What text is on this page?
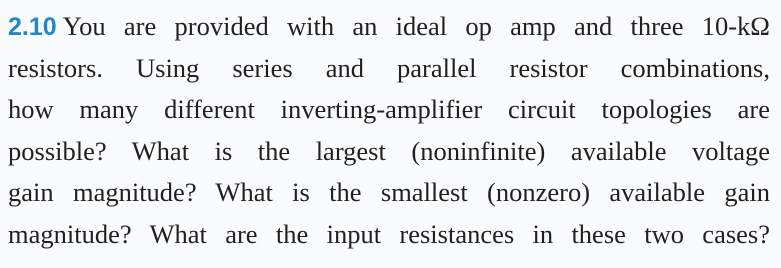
2.10 You are provided with an ideal op amp and three 10-kΩ
resistors. Using series and parallel resistor combinations,
how many different inverting-amplifier circuit topologies are
possible? What is the largest (noninfinite) available voltage
gain magnitude? What is the smallest (nonzero) available gain
magnitude? What are the input resistances in these two cases?
